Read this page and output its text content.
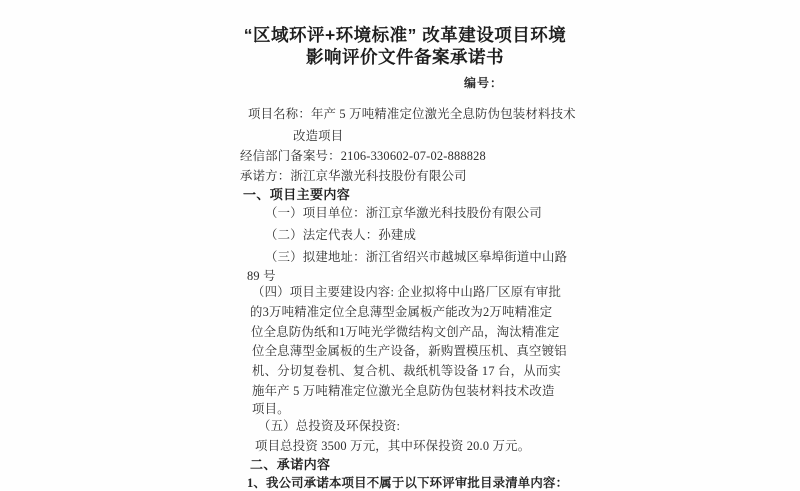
“区域环评+环境标准” 改革建设项目环境
影响评价文件备案承诺书
编号：
项目名称：年产 5 万吨精准定位激光全息防伪包装材料技术
改造项目
经信部门备案号：2106-330602-07-02-888828
承诺方：浙江京华激光科技股份有限公司
一、项目主要内容
（一）项目单位：浙江京华激光科技股份有限公司
（二）法定代表人：孙建成
（三）拟建地址：浙江省绍兴市越城区皋埠街道中山路
89 号
（四）项目主要建设内容: 企业拟将中山路厂区原有审批
的3万吨精准定位全息薄型金属板产能改为2万吨精准定
位全息防伪纸和1万吨光学微结构文创产品，淘汰精准定
位全息薄型金属板的生产设备，新购置模压机、真空镀铝
机、分切复卷机、复合机、裁纸机等设备 17 台，从而实
施年产 5 万吨精准定位激光全息防伪包装材料技术改造
项目。
（五）总投资及环保投资:
项目总投资 3500 万元，其中环保投资 20.0 万元。
二、承诺内容
1、我公司承诺本项目不属于以下环评审批目录清单内容：
